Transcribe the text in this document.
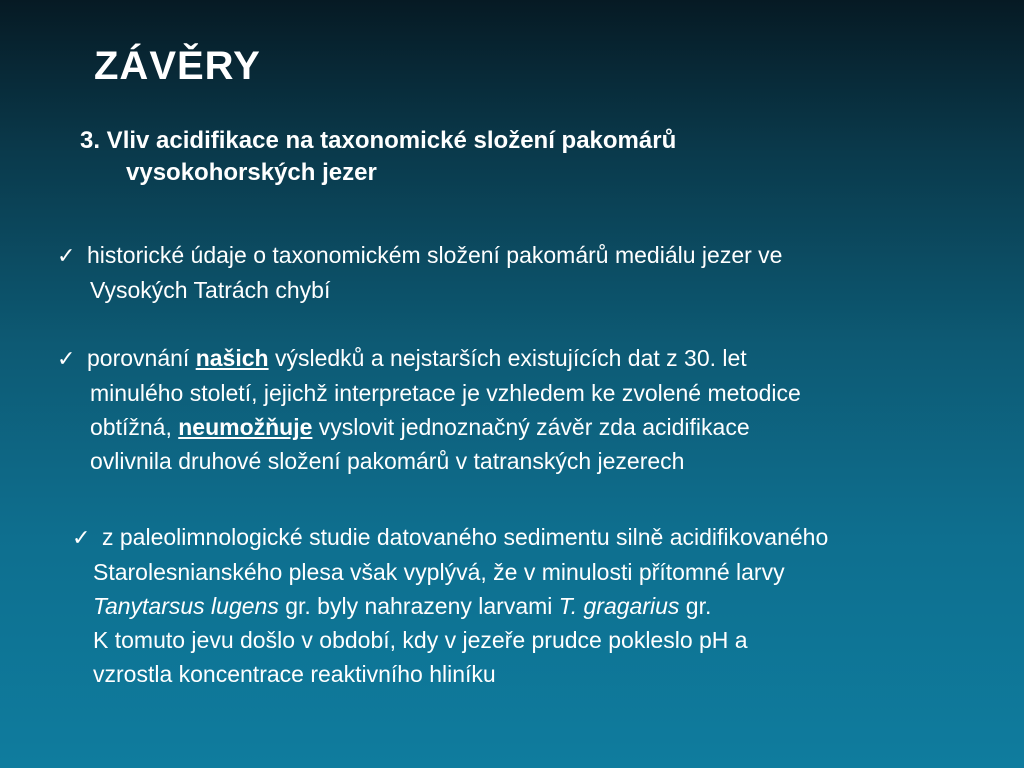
ZÁVĚRY
3. Vliv acidifikace na taxonomické složení pakomárů
vysokohorských jezer
✓ historické údaje o taxonomickém složení pakomárů mediálu jezer ve
Vysokých Tatrách chybí
✓ porovnání našich výsledků a nejstarších existujících dat z 30. let
minulého století, jejichž interpretace je vzhledem ke zvolené metodice
obtížná, neumožňuje vyslovit jednoznačný závěr zda acidifikace
ovlivnila druhové složení pakomárů v tatranských jezerech
✓ z paleolimnologické studie datovaného sedimentu silně acidifikovaného
Starolesnianského plesa však vyplývá, že v minulosti přítomné larvy
Tanytarsus lugens gr. byly nahrazeny larvami T. gragarius gr.
K tomuto jevu došlo v období, kdy v jezeře prudce pokleslo pH a
vzrostla koncentrace reaktivního hliníku
